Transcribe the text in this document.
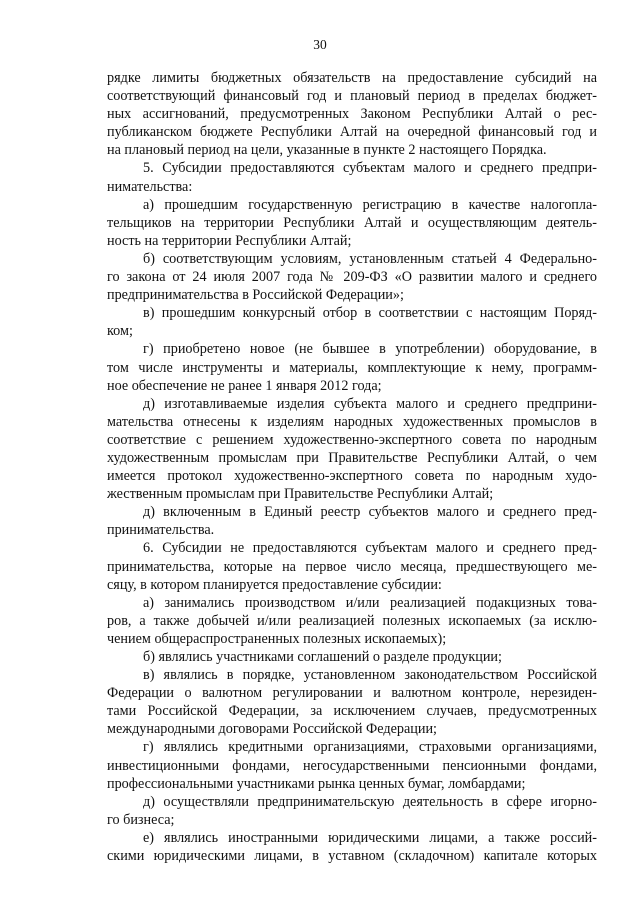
30
рядке лимиты бюджетных обязательств на предоставление субсидий на
соответствующий финансовый год и плановый период в пределах бюджет-
ных ассигнований, предусмотренных Законом Республики Алтай о рес-
публиканском бюджете Республики Алтай на очередной финансовый год и
на плановый период на цели, указанные в пункте 2 настоящего Порядка.
5. Субсидии предоставляются субъектам малого и среднего предпри-
нимательства:
а) прошедшим государственную регистрацию в качестве налогопла-
тельщиков на территории Республики Алтай и осуществляющим деятель-
ность на территории Республики Алтай;
б) соответствующим условиям, установленным статьей 4 Федерально-
го закона от 24 июля 2007 года № 209-ФЗ «О развитии малого и среднего
предпринимательства в Российской Федерации»;
в) прошедшим конкурсный отбор в соответствии с настоящим Поряд-
ком;
г) приобретено новое (не бывшее в употреблении) оборудование, в
том числе инструменты и материалы, комплектующие к нему, программ-
ное обеспечение не ранее 1 января 2012 года;
д) изготавливаемые изделия субъекта малого и среднего предприни-
мательства отнесены к изделиям народных художественных промыслов в
соответствие с решением художественно-экспертного совета по народным
художественным промыслам при Правительстве Республики Алтай, о чем
имеется протокол художественно-экспертного совета по народным худо-
жественным промыслам при Правительстве Республики Алтай;
д) включенным в Единый реестр субъектов малого и среднего пред-
принимательства.
6. Субсидии не предоставляются субъектам малого и среднего пред-
принимательства, которые на первое число месяца, предшествующего ме-
сяцу, в котором планируется предоставление субсидии:
а) занимались производством и/или реализацией подакцизных това-
ров, а также добычей и/или реализацией полезных ископаемых (за исклю-
чением общераспространенных полезных ископаемых);
б) являлись участниками соглашений о разделе продукции;
в) являлись в порядке, установленном законодательством Российской
Федерации о валютном регулировании и валютном контроле, нерезиден-
тами Российской Федерации, за исключением случаев, предусмотренных
международными договорами Российской Федерации;
г) являлись кредитными организациями, страховыми организациями,
инвестиционными фондами, негосударственными пенсионными фондами,
профессиональными участниками рынка ценных бумаг, ломбардами;
д) осуществляли предпринимательскую деятельность в сфере игорно-
го бизнеса;
е) являлись иностранными юридическими лицами, а также россий-
скими юридическими лицами, в уставном (складочном) капитале которых
